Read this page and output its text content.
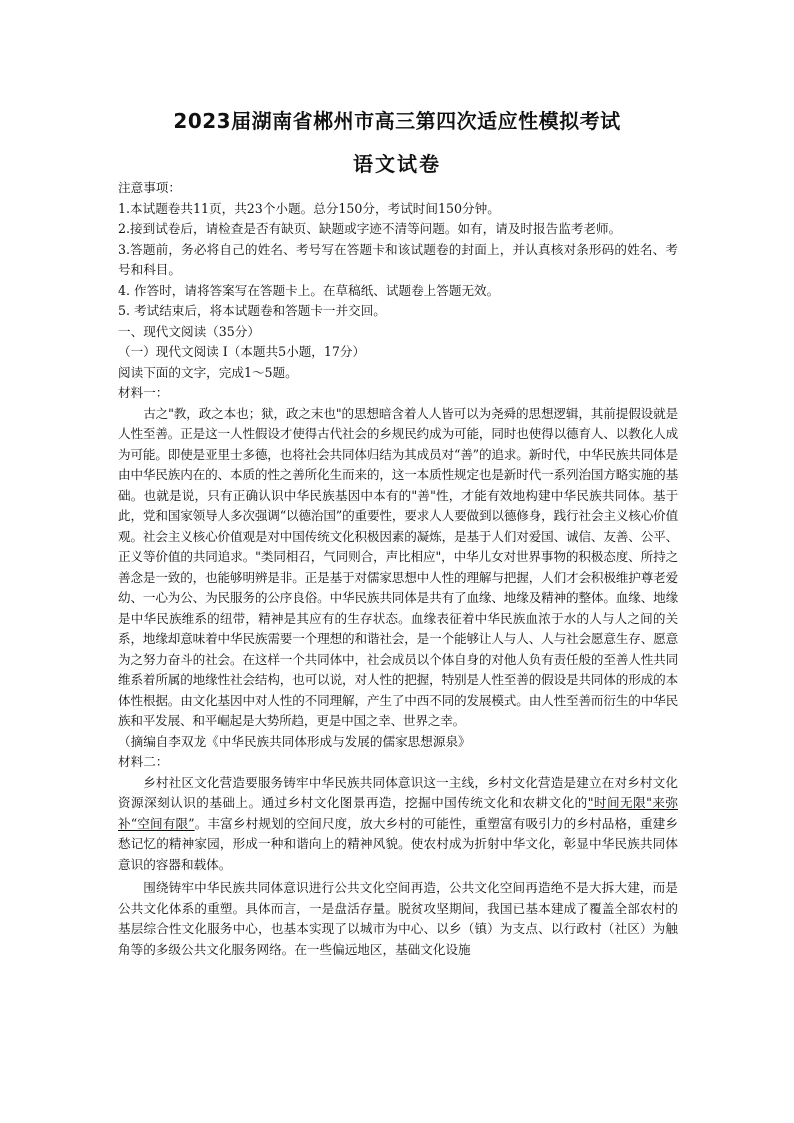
2023届湖南省郴州市高三第四次适应性模拟考试
语文试卷
注意事项：
1.本试题卷共11页，共23个小题。总分150分，考试时间150分钟。
2.接到试卷后，请检查是否有缺页、缺题或字迹不清等问题。如有，请及时报告监考老师。
3.答题前，务必将自己的姓名、考号写在答题卡和该试题卷的封面上，并认真核对条形码的姓名、考号和科目。
4. 作答时，请将答案写在答题卡上。在草稿纸、试题卷上答题无效。
5. 考试结束后，将本试题卷和答题卡一并交回。
一、现代文阅读（35分）
（一）现代文阅读 I（本题共5小题，17分）
阅读下面的文字，完成1～5题。
材料一：
古之"教，政之本也；狱，政之末也"的思想暗含着人人皆可以为尧舜的思想逻辑，其前提假设就是人性至善。正是这一人性假设才使得古代社会的乡规民约成为可能，同时也使得以德育人、以教化人成为可能。即使是亚里士多德，也将社会共同体归结为其成员对“善”的追求。新时代，中华民族共同体是由中华民族内在的、本质的性之善所化生而来的，这一本质性规定也是新时代一系列治国方略实施的基础。也就是说，只有正确认识中华民族基因中本有的"善"性，才能有效地构建中华民族共同体。基于此，党和国家领导人多次强调“以德治国”的重要性，要求人人要做到以德修身，践行社会主义核心价值观。社会主义核心价值观是对中国传统文化积极因素的凝炼，是基于人们对爱国、诚信、友善、公平、正义等价值的共同追求。"类同相召，气同则合，声比相应"，中华儿女对世界事物的积极态度、所持之善念是一致的，也能够明辨是非。正是基于对儒家思想中人性的理解与把握，人们才会积极维护尊老爱幼、一心为公、为民服务的公序良俗。中华民族共同体是共有了血缘、地缘及精神的整体。血缘、地缘是中华民族维系的纽带，精神是其应有的生存状态。血缘表征着中华民族血浓于水的人与人之间的关系，地缘却意味着中华民族需要一个理想的和谐社会，是一个能够让人与人、人与社会愿意生存、愿意为之努力奋斗的社会。在这样一个共同体中，社会成员以个体自身的对他人负有责任般的至善人性共同维系着所属的地缘性社会结构，也可以说，对人性的把握，特别是人性至善的假设是共同体的形成的本体性根据。由文化基因中对人性的不同理解，产生了中西不同的发展模式。由人性至善而衍生的中华民族和平发展、和平崛起是大势所趋，更是中国之幸、世界之幸。
（摘编自李双龙《中华民族共同体形成与发展的儒家思想源泉》
材料二：
乡村社区文化营造要服务铸牢中华民族共同体意识这一主线，乡村文化营造是建立在对乡村文化资源深刻认识的基础上。通过乡村文化图景再造，挖掘中国传统文化和农耕文化的"时间无限"来弥补“空间有限”。丰富乡村规划的空间尺度，放大乡村的可能性，重塑富有吸引力的乡村品格，重建乡愁记忆的精神家园，形成一种和谐向上的精神风貌。使农村成为折射中华文化，彰显中华民族共同体意识的容器和载体。
围绕铸牢中华民族共同体意识进行公共文化空间再造，公共文化空间再造绝不是大拆大建，而是公共文化体系的重塑。具体而言，一是盘活存量。脱贫攻坚期间，我国已基本建成了覆盖全部农村的基层综合性文化服务中心，也基本实现了以城市为中心、以乡（镇）为支点、以行政村（社区）为触角等的多级公共文化服务网络。在一些偏远地区，基础文化设施
